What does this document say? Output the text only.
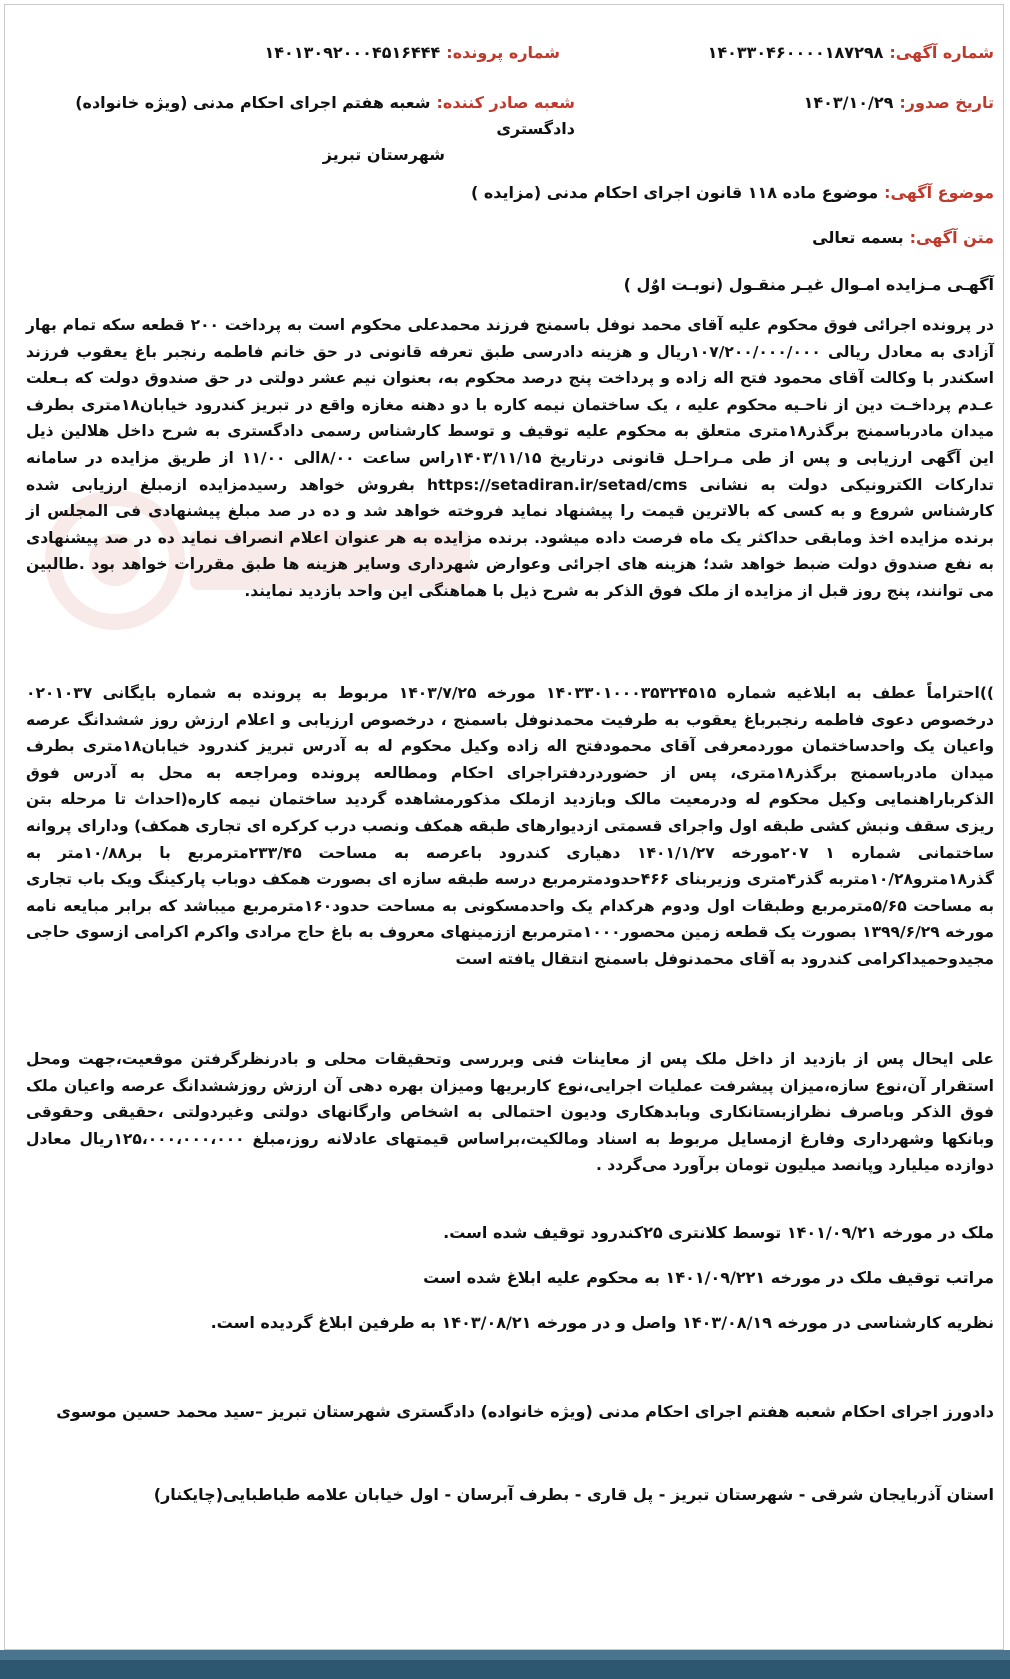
شماره آگهی:۱۴۰۳۳۰۴۶۰۰۰۰۱۸۷۲۹۸
شماره پرونده:۱۴۰۱۳۰۹۲۰۰۰۴۵۱۶۴۴۴
تاریخ صدور:۱۴۰۳/۱۰/۲۹
شعبه صادر کننده:شعبه هفتم اجرای احکام مدنی (ویژه خانواده) دادگستری
شهرستان تبریز
موضوع آگهی:موضوع ماده ۱۱۸ قانون اجرای احکام مدنی (مزایده )
متن آگهی:بسمه تعالی
آگهـی مـزایده امـوال غیـر منقـول (نوبـت اوٌل )
در پرونده اجرائی فوق محکوم علیه آقای محمد نوفل باسمنج فرزند محمدعلی محکوم است به پرداخت ۲۰۰ قطعه سکه تمام بهار آزادی به معادل ریالی ۱۰۷/۲۰۰/۰۰۰/۰۰۰ریال و هزینه دادرسی طبق تعرفه قانونی در حق خانم فاطمه رنجبر باغ یعقوب فرزند اسکندر با وکالت آقای محمود فتح اله زاده و پرداخت پنج درصد محکوم به، بعنوان نیم عشر دولتی در حق صندوق دولت که بـعلت عـدم پرداخـت دین از ناحـیه محکوم علیه ، یک ساختمان نیمه کاره با دو دهنه مغازه واقع در تبریز کندرود خیابان۱۸متری بطرف میدان مادرباسمنج برگذر۱۸متری متعلق به محکوم علیه توقیف و توسط کارشناس رسمی دادگستری به شرح داخل هلالین ذیل این آگهی ارزیابی و پس از طی مـراحـل قانونی درتاریخ ۱۴۰۳/۱۱/۱۵راس ساعت ۸/۰۰الی ۱۱/۰۰ از طریق مزایده در سامانه تدارکات الکترونیکی دولت به نشانی https://setadiran.ir/setad/cms بفروش خواهد رسیدمزایده ازمبلغ ارزیابی شده کارشناس شروع و به کسی که بالاترین قیمت را پیشنهاد نماید فروخته خواهد شد و ده در صد مبلغ پیشنهادی فی المجلس از برنده مزایده اخذ ومابقی حداکثر یک ماه فرصت داده میشود. برنده مزایده به هر عنوان اعلام انصراف نماید ده در صد پیشنهادی به نفع صندوق دولت ضبط خواهد شد؛ هزینه های اجرائی وعوارض شهرداری وسایر هزینه ها طبق مقررات خواهد بود .طالبین می توانند، پنج روز قبل از مزایده از ملک فوق الذکر به شرح ذیل با هماهنگی این واحد بازدید نمایند.
))احتراماً عطف به ابلاغیه شماره ۱۴۰۳۳۰۱۰۰۰۳۵۳۲۴۵۱۵ مورخه ۱۴۰۳/۷/۲۵ مربوط به پرونده به شماره بایگانی ۰۲۰۱۰۳۷ درخصوص دعوی فاطمه رنجبرباغ یعقوب به طرفیت محمدنوفل باسمنج ، درخصوص ارزیابی و اعلام ارزش روز ششدانگ عرصه واعیان یک واحدساختمان موردمعرفی آقای محمودفتح اله زاده وکیل محکوم له به آدرس تبریز کندرود خیابان۱۸متری بطرف میدان مادرباسمنج برگذر۱۸متری، پس از حضوردردفتراجرای احکام ومطالعه پرونده ومراجعه به محل به آدرس فوق الذکرباراهنمایی وکیل محکوم له ودرمعیت مالک وبازدید ازملک مذکورمشاهده گردید ساختمان نیمه کاره(احداث تا مرحله بتن ریزی سقف ونبش کشی طبقه اول واجرای قسمتی ازدیوارهای طبقه همکف ونصب درب کرکره ای تجاری همکف) ودارای پروانه ساختمانی شماره ۱ ۲۰۷مورخه ۱۴۰۱/۱/۲۷ دهیاری کندرود باعرصه به مساحت ۲۳۳/۴۵مترمربع با بر۱۰/۸۸متر به گذر۱۸مترو۱۰/۲۸متربه گذر۴متری وزیربنای ۴۶۶حدودمترمربع درسه طبقه سازه ای بصورت همکف دوباب پارکینگ ویک باب تجاری به مساحت ۵/۶۵مترمربع وطبقات اول ودوم هرکدام یک واحدمسکونی به مساحت حدود۱۶۰مترمربع میباشد که برابر مبایعه نامه مورخه ۱۳۹۹/۶/۲۹ بصورت یک قطعه زمین محصور۱۰۰۰مترمربع اززمینهای معروف به باغ حاج مرادی واکرم اکرامی ازسوی حاجی مجیدوحمیداکرامی کندرود به آقای محمدنوفل باسمنج انتقال یافته است
علی ایحال پس از بازدید از داخل ملک پس از معاینات فنی وبررسی وتحقیقات محلی و بادرنظرگرفتن موقعیت،جهت ومحل استقرار آن،نوع سازه،میزان پیشرفت عملیات اجرایی،نوع کاربریها ومیزان بهره دهی آن ارزش روزششدانگ عرصه واعیان ملک فوق الذکر وباصرف نظرازبستانکاری وبابدهکاری ودیون احتمالی به اشخاص وارگانهای دولتی وغیردولتی ،حقیقی وحقوقی وبانکها وشهرداری وفارغ ازمسایل مربوط به اسناد ومالکیت،براساس قیمتهای عادلانه روز،مبلغ ۱۲۵،۰۰۰،۰۰۰،۰۰۰ریال معادل دوازده میلیارد وپانصد میلیون تومان برآورد می‌گردد .
ملک در مورخه ۱۴۰۱/۰۹/۲۱ توسط کلانتری ۲۵کندرود توقیف شده است.
مراتب توقیف ملک در مورخه ۱۴۰۱/۰۹/۲۲۱ به محکوم علیه ابلاغ شده است
نظریه کارشناسی در مورخه ۱۴۰۳/۰۸/۱۹ واصل و در مورخه ۱۴۰۳/۰۸/۲۱ به طرفین ابلاغ گردیده است.
دادورز اجرای احکام شعبه هفتم اجرای احکام مدنی (ویژه خانواده) دادگستری شهرستان تبریز –سید محمد حسین موسوی
استان آذربایجان شرقی - شهرستان تبریز - پل قاری - بطرف آبرسان - اول خیابان علامه طباطبایی(چایکنار)
